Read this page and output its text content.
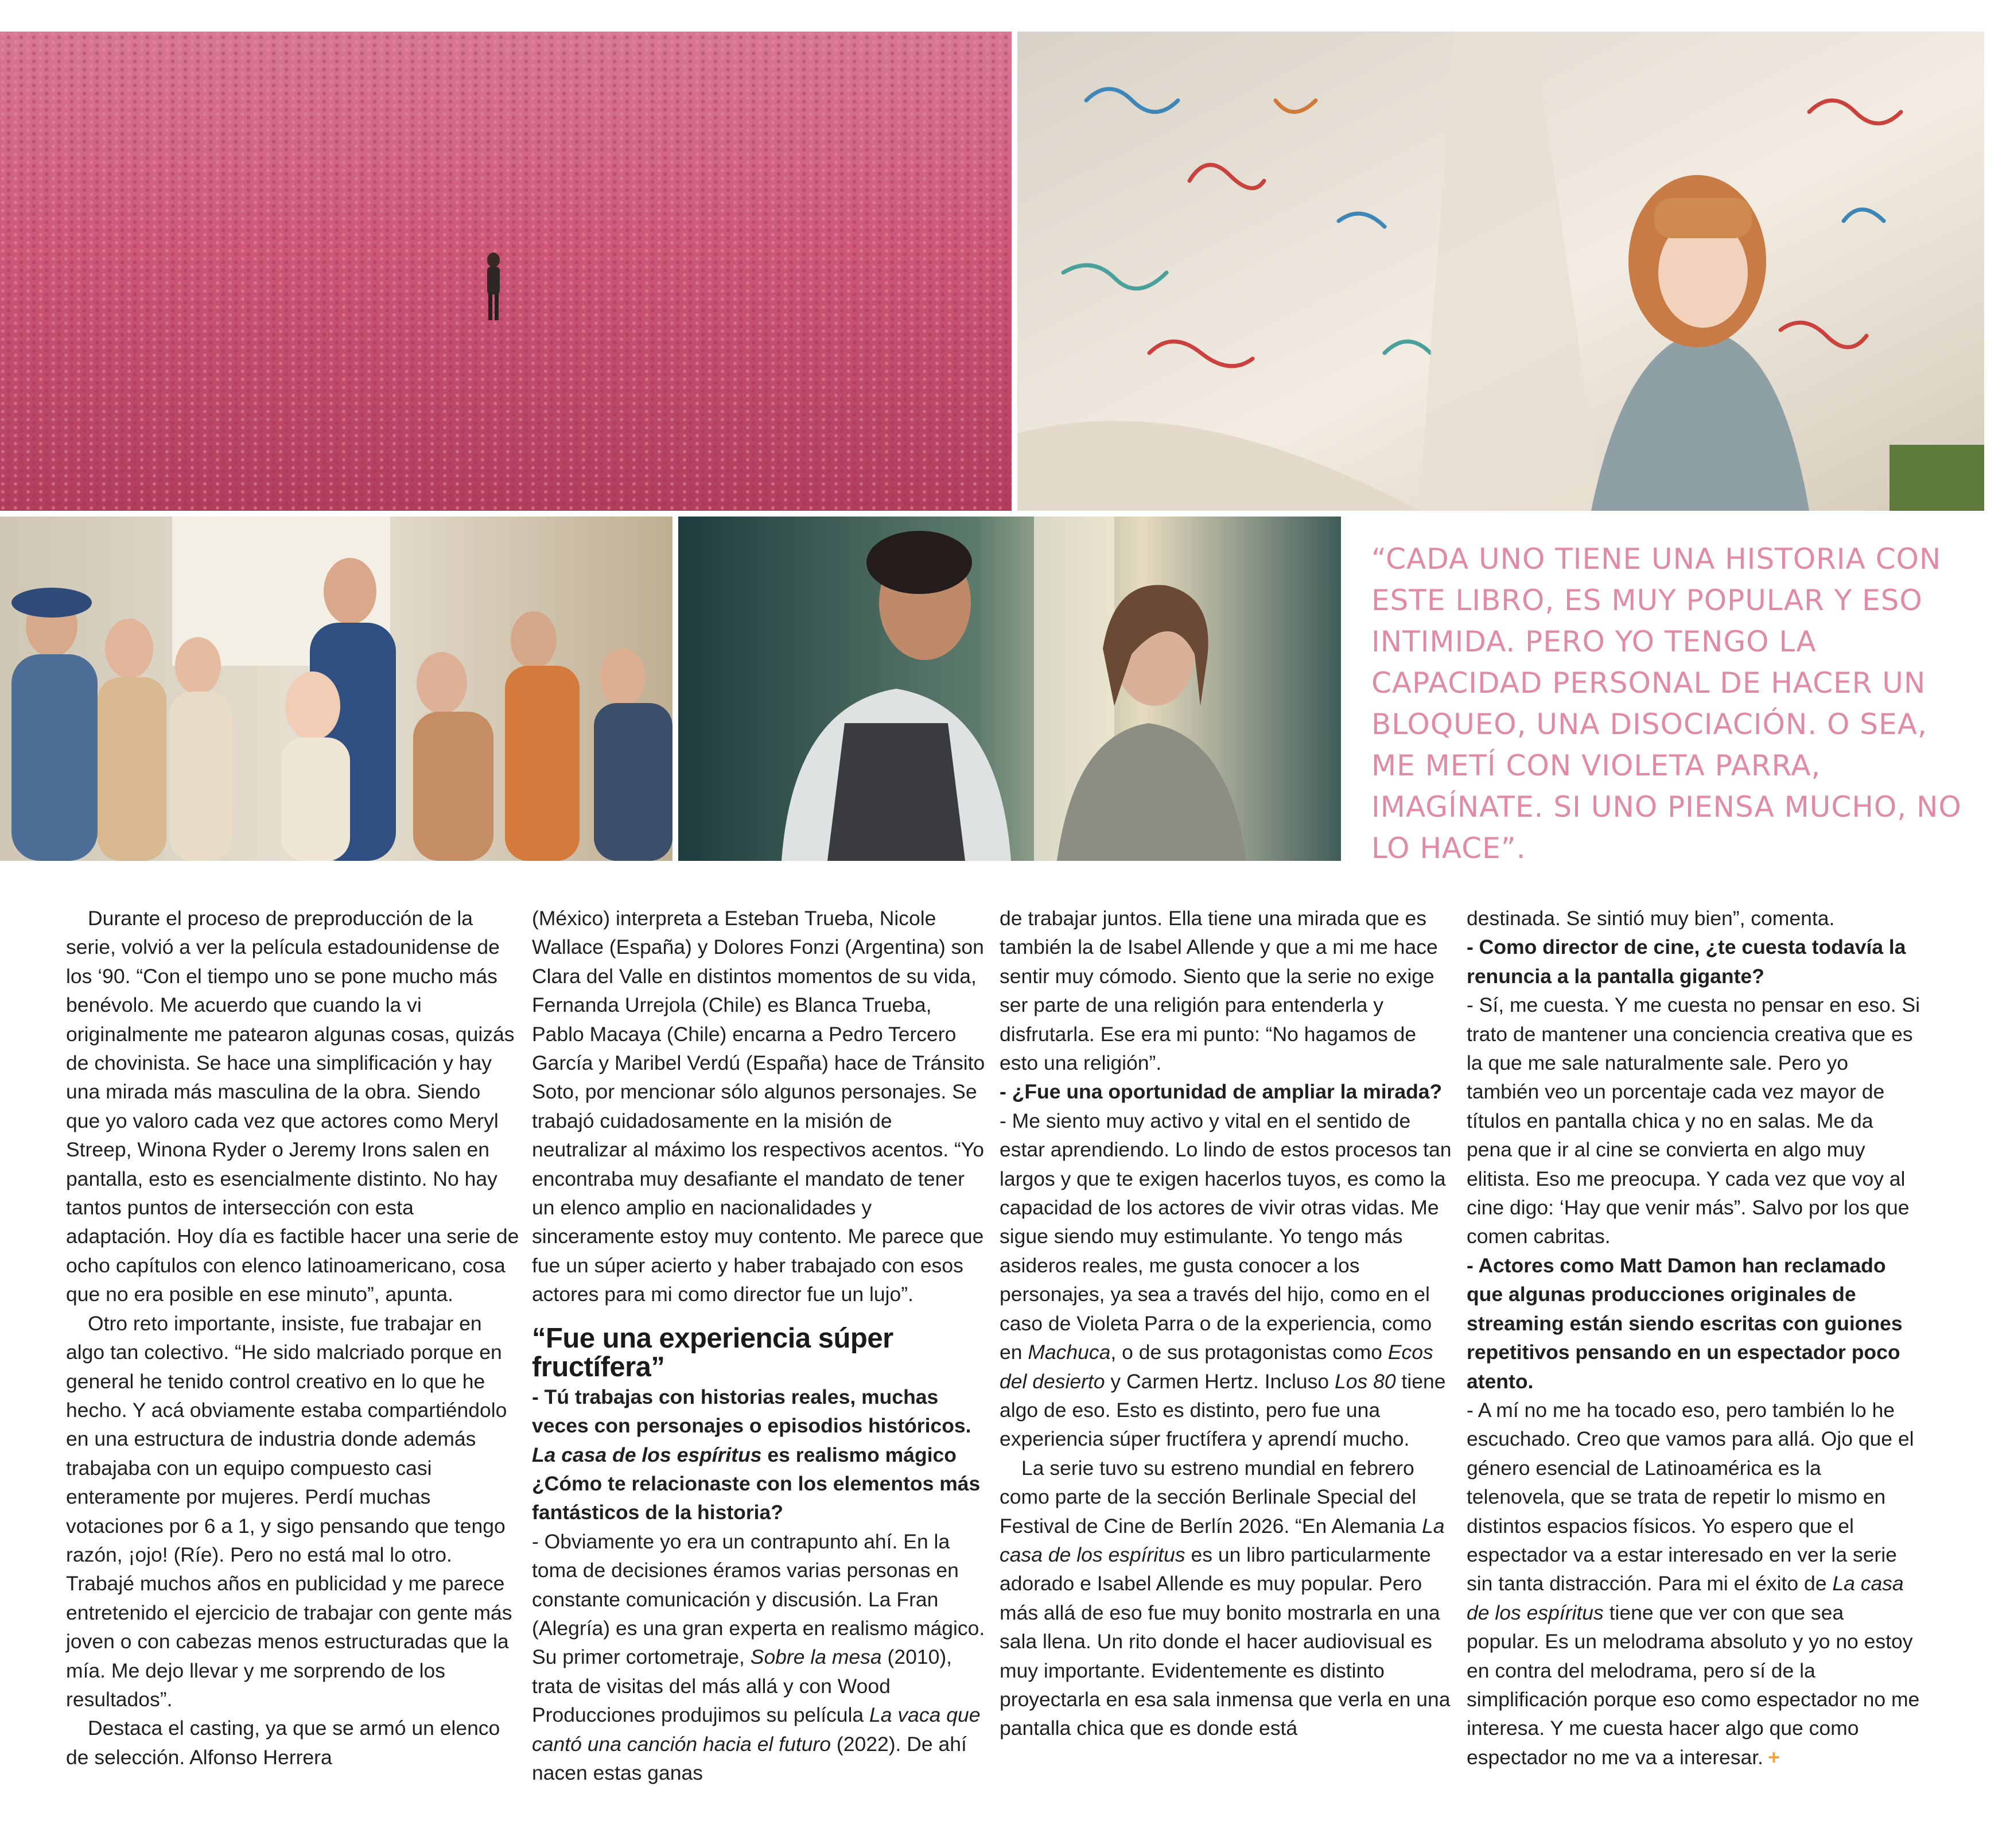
“CADA UNO TIENE UNA HISTORIA CON ESTE LIBRO, ES MUY POPULAR Y ESO INTIMIDA. PERO YO TENGO LA CAPACIDAD PERSONAL DE HACER UN BLOQUEO, UNA DISOCIACIÓN. O SEA, ME METÍ CON VIOLETA PARRA, IMAGÍNATE. SI UNO PIENSA MUCHO, NO LO HACE”.

Durante el proceso de preproducción de la serie, volvió a ver la película estadounidense de los ‘90. “Con el tiempo uno se pone mucho más benévolo. Me acuerdo que cuando la vi originalmente me patearon algunas cosas, quizás de chovinista. Se hace una simplificación y hay una mirada más masculina de la obra. Siendo que yo valoro cada vez que actores como Meryl Streep, Winona Ryder o Jeremy Irons salen en pantalla, esto es esencialmente distinto. No hay tantos puntos de intersección con esta adaptación. Hoy día es factible hacer una serie de ocho capítulos con elenco latinoamericano, cosa que no era posible en ese minuto”, apunta.

Otro reto importante, insiste, fue trabajar en algo tan colectivo. “He sido malcriado porque en general he tenido control creativo en lo que he hecho. Y acá obviamente estaba compartiéndolo en una estructura de industria donde además trabajaba con un equipo compuesto casi enteramente por mujeres. Perdí muchas votaciones por 6 a 1, y sigo pensando que tengo razón, ¡ojo! (Ríe). Pero no está mal lo otro. Trabajé muchos años en publicidad y me parece entretenido el ejercicio de trabajar con gente más joven o con cabezas menos estructuradas que la mía. Me dejo llevar y me sorprendo de los resultados”.

Destaca el casting, ya que se armó un elenco de selección. Alfonso Herrera

(México) interpreta a Esteban Trueba, Nicole Wallace (España) y Dolores Fonzi (Argentina) son Clara del Valle en distintos momentos de su vida, Fernanda Urrejola (Chile) es Blanca Trueba, Pablo Macaya (Chile) encarna a Pedro Tercero García y Maribel Verdú (España) hace de Tránsito Soto, por mencionar sólo algunos personajes. Se trabajó cuidadosamente en la misión de neutralizar al máximo los respectivos acentos. “Yo encontraba muy desafiante el mandato de tener un elenco amplio en nacionalidades y sinceramente estoy muy contento. Me parece que fue un súper acierto y haber trabajado con esos actores para mi como director fue un lujo”.

“Fue una experiencia súper fructífera”

- Tú trabajas con historias reales, muchas veces con personajes o episodios históricos. La casa de los espíritus es realismo mágico ¿Cómo te relacionaste con los elementos más fantásticos de la historia?

- Obviamente yo era un contrapunto ahí. En la toma de decisiones éramos varias personas en constante comunicación y discusión. La Fran (Alegría) es una gran experta en realismo mágico. Su primer cortometraje, Sobre la mesa (2010), trata de visitas del más allá y con Wood Producciones produjimos su película La vaca que cantó una canción hacia el futuro (2022). De ahí nacen estas ganas

de trabajar juntos. Ella tiene una mirada que es también la de Isabel Allende y que a mi me hace sentir muy cómodo. Siento que la serie no exige ser parte de una religión para entenderla y disfrutarla. Ese era mi punto: “No hagamos de esto una religión”.

- ¿Fue una oportunidad de ampliar la mirada?

- Me siento muy activo y vital en el sentido de estar aprendiendo. Lo lindo de estos procesos tan largos y que te exigen hacerlos tuyos, es como la capacidad de los actores de vivir otras vidas. Me sigue siendo muy estimulante. Yo tengo más asideros reales, me gusta conocer a los personajes, ya sea a través del hijo, como en el caso de Violeta Parra o de la experiencia, como en Machuca, o de sus protagonistas como Ecos del desierto y Carmen Hertz. Incluso Los 80 tiene algo de eso. Esto es distinto, pero fue una experiencia súper fructífera y aprendí mucho.

La serie tuvo su estreno mundial en febrero como parte de la sección Berlinale Special del Festival de Cine de Berlín 2026. “En Alemania La casa de los espíritus es un libro particularmente adorado e Isabel Allende es muy popular. Pero más allá de eso fue muy bonito mostrarla en una sala llena. Un rito donde el hacer audiovisual es muy importante. Evidentemente es distinto proyectarla en esa sala inmensa que verla en una pantalla chica que es donde está

destinada. Se sintió muy bien”, comenta.

- Como director de cine, ¿te cuesta todavía la renuncia a la pantalla gigante?

- Sí, me cuesta. Y me cuesta no pensar en eso. Si trato de mantener una conciencia creativa que es la que me sale naturalmente sale. Pero yo también veo un porcentaje cada vez mayor de títulos en pantalla chica y no en salas. Me da pena que ir al cine se convierta en algo muy elitista. Eso me preocupa. Y cada vez que voy al cine digo: ‘Hay que venir más”. Salvo por los que comen cabritas.

- Actores como Matt Damon han reclamado que algunas producciones originales de streaming están siendo escritas con guiones repetitivos pensando en un espectador poco atento.

- A mí no me ha tocado eso, pero también lo he escuchado. Creo que vamos para allá. Ojo que el género esencial de Latinoamérica es la telenovela, que se trata de repetir lo mismo en distintos espacios físicos. Yo espero que el espectador va a estar interesado en ver la serie sin tanta distracción. Para mi el éxito de La casa de los espíritus tiene que ver con que sea popular. Es un melodrama absoluto y yo no estoy en contra del melodrama, pero sí de la simplificación porque eso como espectador no me interesa. Y me cuesta hacer algo que como espectador no me va a interesar. +
